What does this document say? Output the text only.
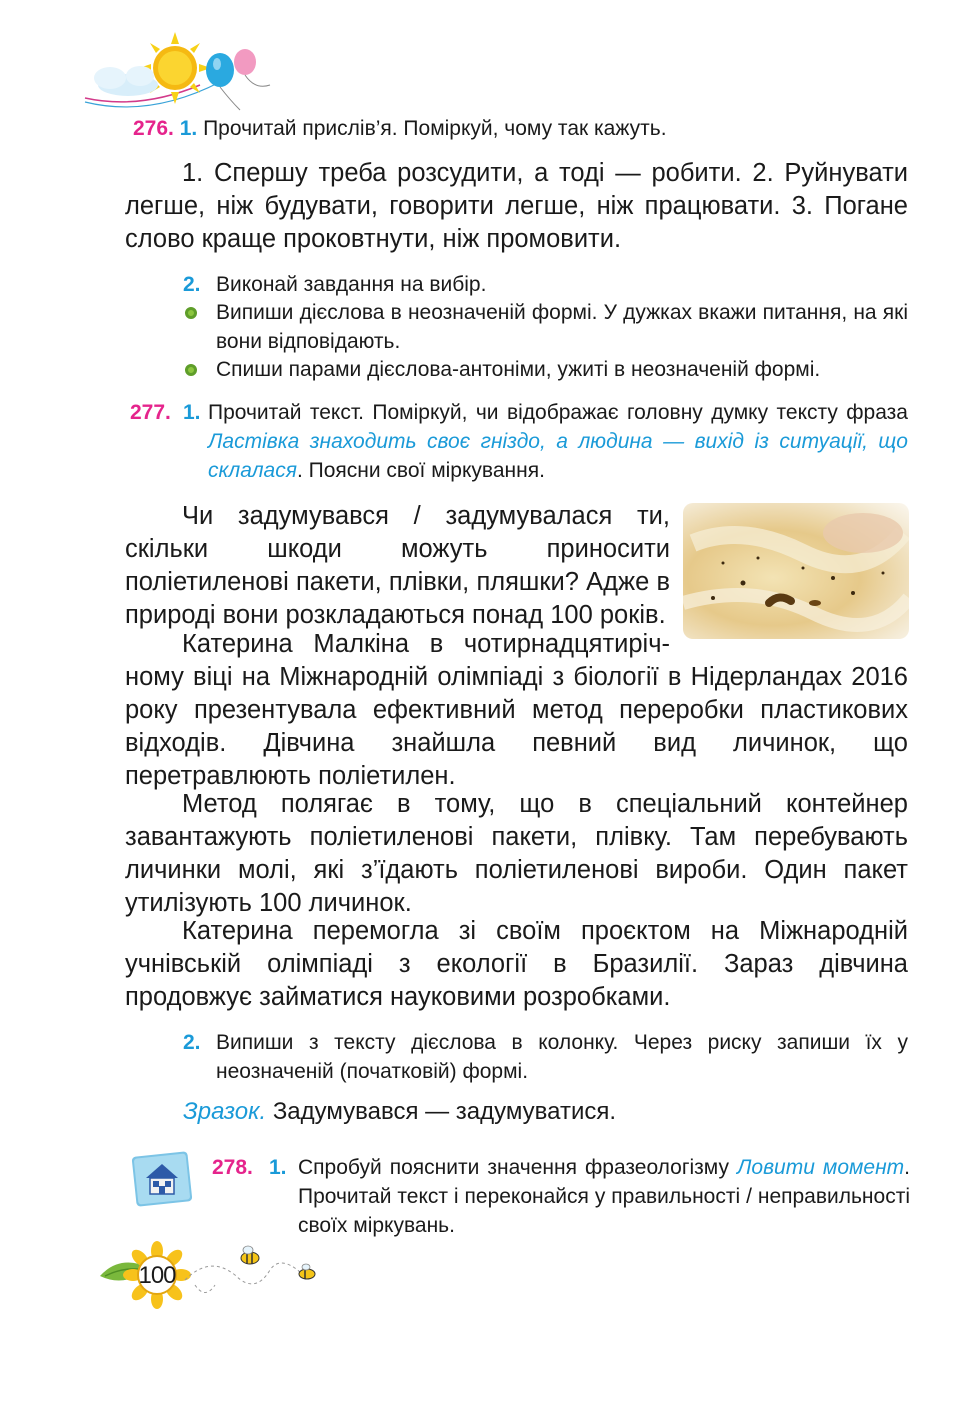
276. 1. Прочитай прислів’я. Поміркуй, чому так кажуть.
1. Спершу треба розсудити, а тоді — робити. 2. Руйнувати легше, ніж будувати, говорити легше, ніж працювати. 3. Погане слово краще проковтнути, ніж промовити.
2. Виконай завдання на вибір.
Випиши дієслова в неозначеній формі. У дужках вкажи питання, на які вони відповідають.
Спиши парами дієслова-антоніми, ужиті в неозначеній формі.
277. 1. Прочитай текст. Поміркуй, чи відображає головну думку тексту фраза Ластівка знаходить своє гніздо, а людина — вихід із ситуації, що склалася. Поясни свої міркування.
Чи задумувався / задумувалася ти, скільки шкоди можуть приносити поліетиленові пакети, плівки, пляшки? Адже в природі вони розкладаються понад 100 років.
Катерина Малкіна в чотирнадцятиріч-
ному віці на Міжнародній олімпіаді з біології в Нідерландах 2016 року презентувала ефективний метод переробки пластикових відходів. Дівчина знайшла певний вид личинок, що перетравлюють поліетилен.
Метод полягає в тому, що в спеціальний контейнер завантажують поліетиленові пакети, плівку. Там перебувають личинки молі, які з’їдають поліетиленові вироби. Один пакет утилізують 100 личинок.
Катерина перемогла зі своїм проєктом на Міжнародній учнівській олімпіаді з екології в Бразилії. Зараз дівчина продовжує займатися науковими розробками.
2. Випиши з тексту дієслова в колонку. Через риску запиши їх у неозначеній (початковій) формі.
Зразок. Задумувався — задумуватися.
278. 1. Спробуй пояснити значення фразеологізму Ловити момент. Прочитай текст і переконайся у правильності / неправильності своїх міркувань.
100
